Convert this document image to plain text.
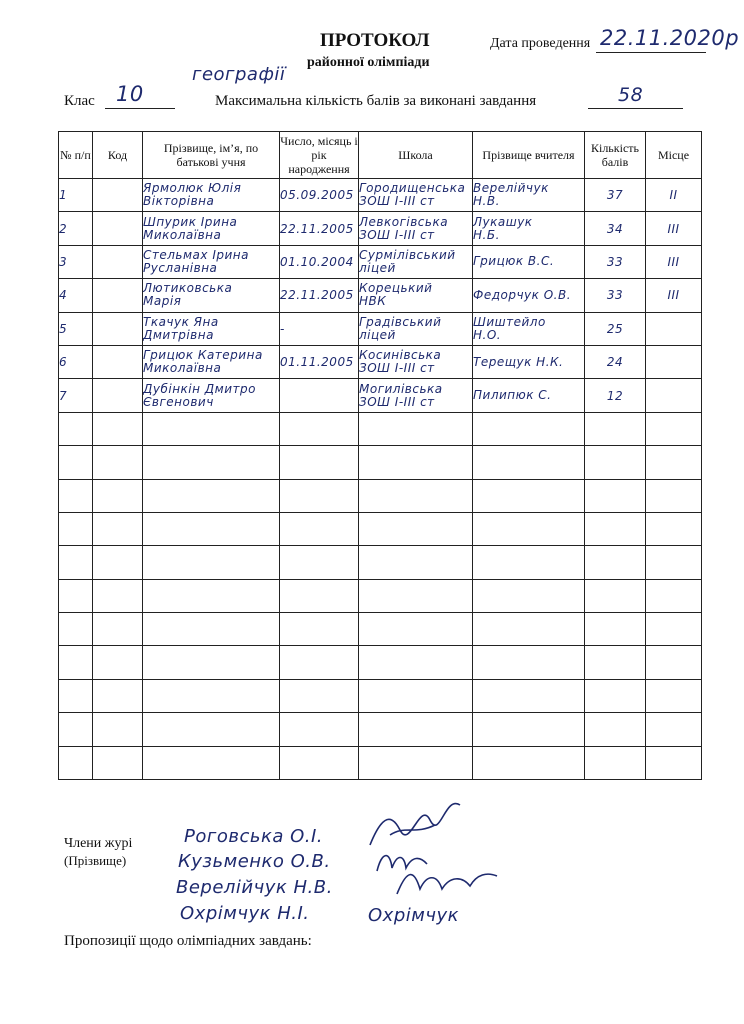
ПРОТОКОЛ
районної олімпіади
Дата проведення 22.11.2020р
Клас 10
географії
Максимальна кількість балів за виконані завдання	58
№ п/п	Код	Прізвище, ім’я, по батькові учня	Число, місяць і рік народження	Школа	Прізвище вчителя	Кількість балів	Місце

1		Ярмолюк Юлія
Вікторівна	05.09.2005	Городищенська
ЗОШ І-ІІІ ст	Верелійчук
Н.В.	37	ІІ

2		Шпурик Ірина
Миколаївна	22.11.2005	Левкогівська
ЗОШ І-ІІІ ст	Лукашук
Н.Б.	34	ІІІ

3		Стельмах Ірина
Русланівна	01.10.2004	Сурмілівський
ліцей	Грицюк В.С.	33	ІІІ

4		Лютиковська
Марія	22.11.2005	Корецький
НВК	Федорчук О.В.	33	ІІІ

5		Ткачук Яна
Дмитрівна	-	Градівський
ліцей	Шиштейло
Н.О.	25	

6		Грицюк Катерина
Миколаївна	01.11.2005	Косинівська
ЗОШ І-ІІІ ст	Терещук Н.К.	24	

7		Дубінкін Дмитро
Євгенович		Могилівська
ЗОШ І-ІІІ ст	Пилипюк С.	12	

Члени журі
(Прізвище)
Роговська О.І.
Кузьменко О.В.
Верелійчук Н.В.
Охрімчук Н.І.	Охрімчук
Пропозиції щодо олімпіадних завдань:
